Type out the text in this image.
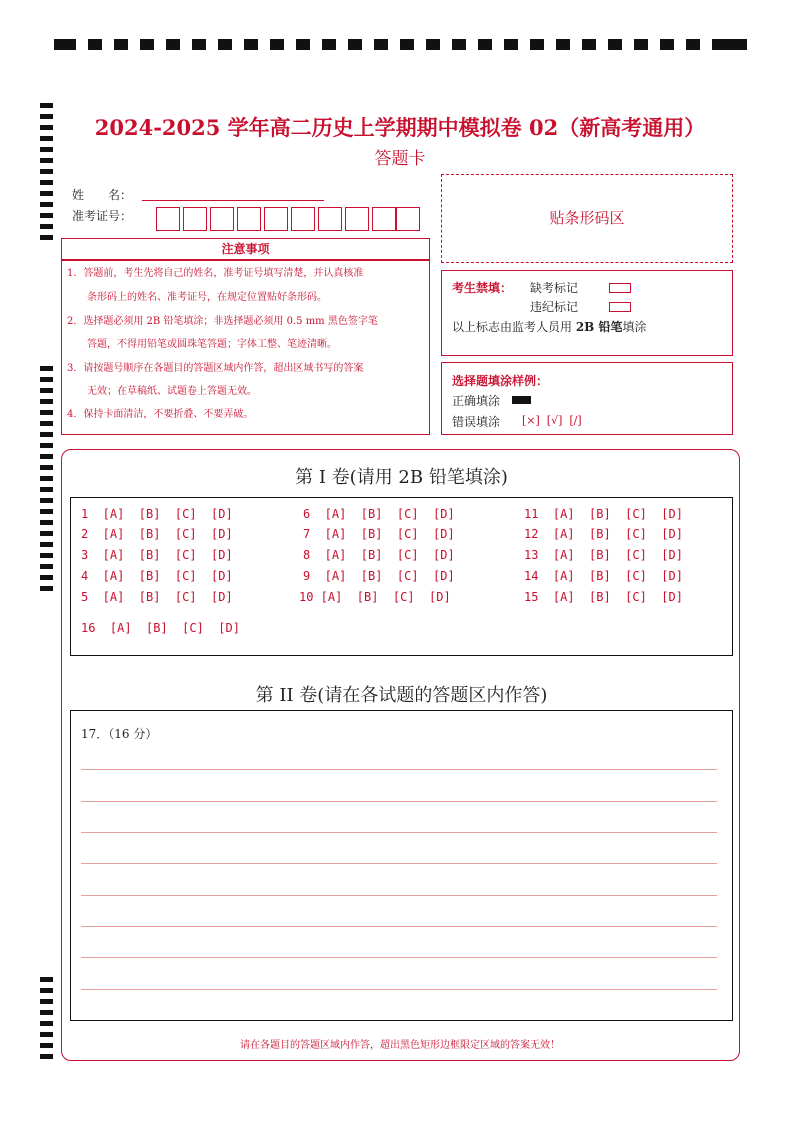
2024-2025 学年高二历史上学期期中模拟卷 02（新高考通用）
答题卡
姓　　名：
准考证号：	贴条形码区
注意事项
1．答题前，考生先将自己的姓名，准考证号填写清楚，并认真核准
　　条形码上的姓名、准考证号，在规定位置贴好条形码。
2．选择题必须用 2B 铅笔填涂；非选择题必须用 0.5 mm 黑色签字笔
　　答题，不得用铅笔或圆珠笔答题；字体工整、笔迹清晰。
3．请按题号顺序在各题目的答题区域内作答，超出区域书写的答案
　　无效；在草稿纸、试题卷上答题无效。
4．保持卡面清洁，不要折叠、不要弄破。
考生禁填： 缺考标记
违纪标记
以上标志由监考人员用 2B 铅笔填涂
选择题填涂样例：
正确填涂
错误填涂 [×]  [√]  [/]
第 I 卷(请用 2B 铅笔填涂)
1  [A]  [B]  [C]  [D]
2  [A]  [B]  [C]  [D]
3  [A]  [B]  [C]  [D]
4  [A]  [B]  [C]  [D]
5  [A]  [B]  [C]  [D]
6  [A]  [B]  [C]  [D]
7  [A]  [B]  [C]  [D]
8  [A]  [B]  [C]  [D]
9  [A]  [B]  [C]  [D]
10 [A]  [B]  [C]  [D]
11  [A]  [B]  [C]  [D]
12  [A]  [B]  [C]  [D]
13  [A]  [B]  [C]  [D]
14  [A]  [B]  [C]  [D]
15  [A]  [B]  [C]  [D]
16  [A]  [B]  [C]  [D]
第 II 卷(请在各试题的答题区内作答)
17．（16 分）
请在各题目的答题区域内作答，超出黑色矩形边框限定区域的答案无效！
